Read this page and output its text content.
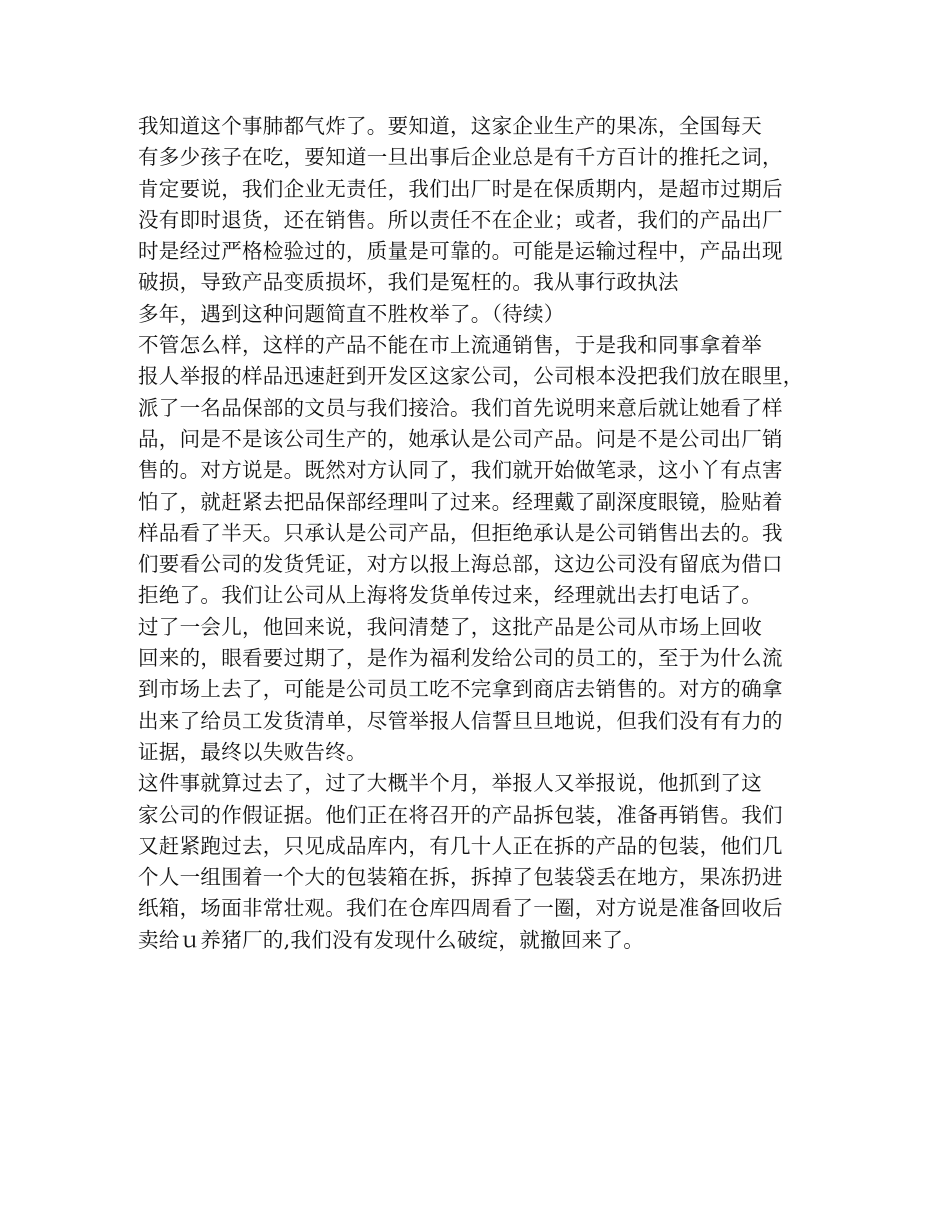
我知道这个事肺都气炸了。要知道，这家企业生产的果冻，全国每天

有多少孩子在吃，要知道一旦出事后企业总是有千方百计的推托之词，

肯定要说，我们企业无责任，我们出厂时是在保质期内，是超市过期后

没有即时退货，还在销售。所以责任不在企业；或者，我们的产品出厂

时是经过严格检验过的，质量是可靠的。可能是运输过程中，产品出现

破损，导致产品变质损坏，我们是冤枉的。我从事行政执法

多年，遇到这种问题简直不胜枚举了。（待续）

不管怎么样，这样的产品不能在市上流通销售，于是我和同事拿着举

报人举报的样品迅速赶到开发区这家公司，公司根本没把我们放在眼里，

派了一名品保部的文员与我们接洽。我们首先说明来意后就让她看了样

品，问是不是该公司生产的，她承认是公司产品。问是不是公司出厂销

售的。对方说是。既然对方认同了，我们就开始做笔录，这小丫有点害

怕了，就赶紧去把品保部经理叫了过来。经理戴了副深度眼镜，脸贴着

样品看了半天。只承认是公司产品，但拒绝承认是公司销售出去的。我

们要看公司的发货凭证，对方以报上海总部，这边公司没有留底为借口

拒绝了。我们让公司从上海将发货单传过来，经理就出去打电话了。

过了一会儿，他回来说，我问清楚了，这批产品是公司从市场上回收

回来的，眼看要过期了，是作为福利发给公司的员工的，至于为什么流

到市场上去了，可能是公司员工吃不完拿到商店去销售的。对方的确拿

出来了给员工发货清单，尽管举报人信誓旦旦地说，但我们没有有力的

证据，最终以失败告终。

这件事就算过去了，过了大概半个月，举报人又举报说，他抓到了这

家公司的作假证据。他们正在将召开的产品拆包装，准备再销售。我们

又赶紧跑过去，只见成品库内，有几十人正在拆的产品的包装，他们几

个人一组围着一个大的包装箱在拆，拆掉了包装袋丢在地方，果冻扔进

纸箱，场面非常壮观。我们在仓库四周看了一圈，对方说是准备回收后

卖给ｕ养猪厂的,我们没有发现什么破绽，就撤回来了。
